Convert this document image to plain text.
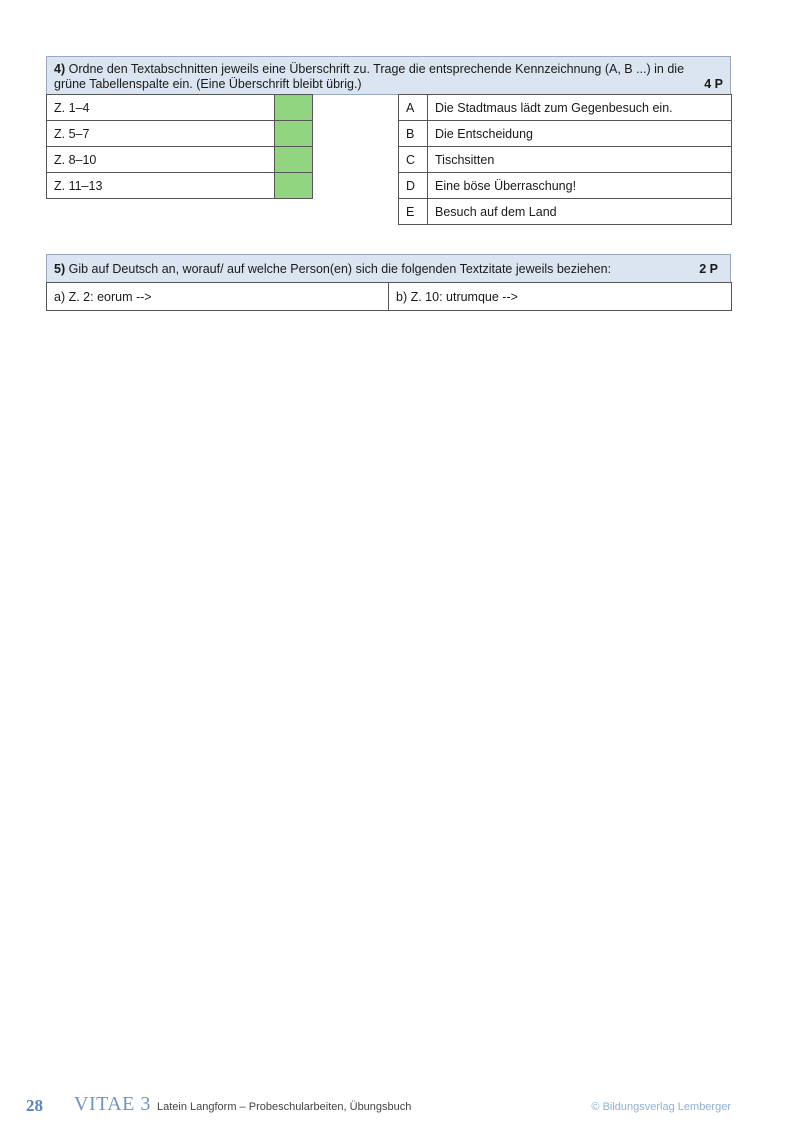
4) Ordne den Textabschnitten jeweils eine Überschrift zu. Trage die entsprechende Kennzeichnung (A, B ...) in die
grüne Tabellenspalte ein. (Eine Überschrift bleibt übrig.)	4 P
Z. 1–4	
Z. 5–7	
Z. 8–10	
Z. 11–13	
A	Die Stadtmaus lädt zum Gegenbesuch ein.
B	Die Entscheidung
C	Tischsitten
D	Eine böse Überraschung!
E	Besuch auf dem Land
5) Gib auf Deutsch an, worauf/ auf welche Person(en) sich die folgenden Textzitate jeweils beziehen:	2 P
a) Z. 2: eorum -->	b) Z. 10: utrumque -->
28 VITAE 3 Latein Langform – Probeschularbeiten, Übungsbuch	© Bildungsverlag Lemberger
